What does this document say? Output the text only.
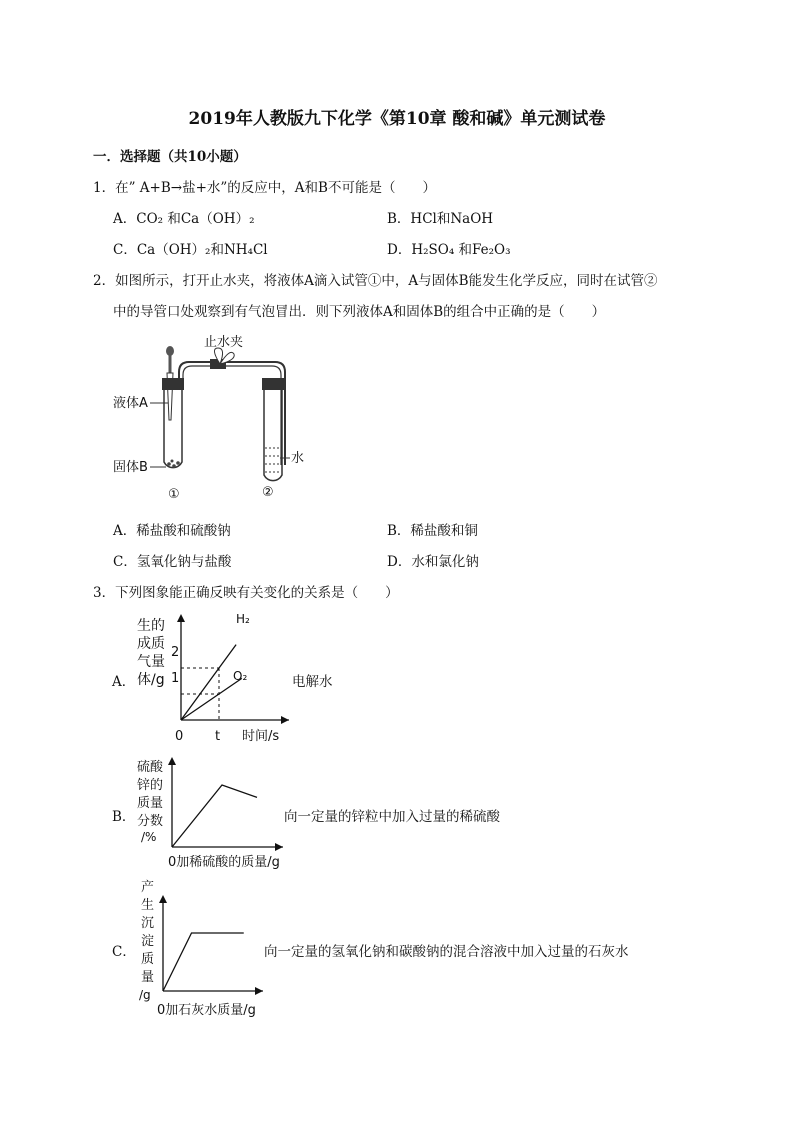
2019年人教版九下化学《第10章 酸和碱》单元测试卷
一．选择题（共10小题）
1．在” A+B→盐+水”的反应中，A和B不可能是（　　）
A．CO₂ 和Ca（OH）₂	B．HCl和NaOH
C．Ca（OH）₂和NH₄Cl	D．H₂SO₄ 和Fe₂O₃
2．如图所示，打开止水夹，将液体A滴入试管①中，A与固体B能发生化学反应，同时在试管②
中的导管口处观察到有气泡冒出．则下列液体A和固体B的组合中正确的是（　　）
止水夹
液体A
固体B
水
①	②
A．稀盐酸和硫酸钠	B．稀盐酸和铜
C．氢氧化钠与盐酸	D．水和氯化钠
3．下列图象能正确反映有关变化的关系是（　　）
A．
生的
成质
气量
体/g
2
1
0 t 时间/s
H₂
O₂	电解水
B．
硫酸
锌的
质量
分数
/%
0加稀硫酸的质量/g
向一定量的锌粒中加入过量的稀硫酸
C．
产
生
沉
淀
质
量
/g
0加石灰水质量/g
向一定量的氢氧化钠和碳酸钠的混合溶液中加入过量的石灰水
